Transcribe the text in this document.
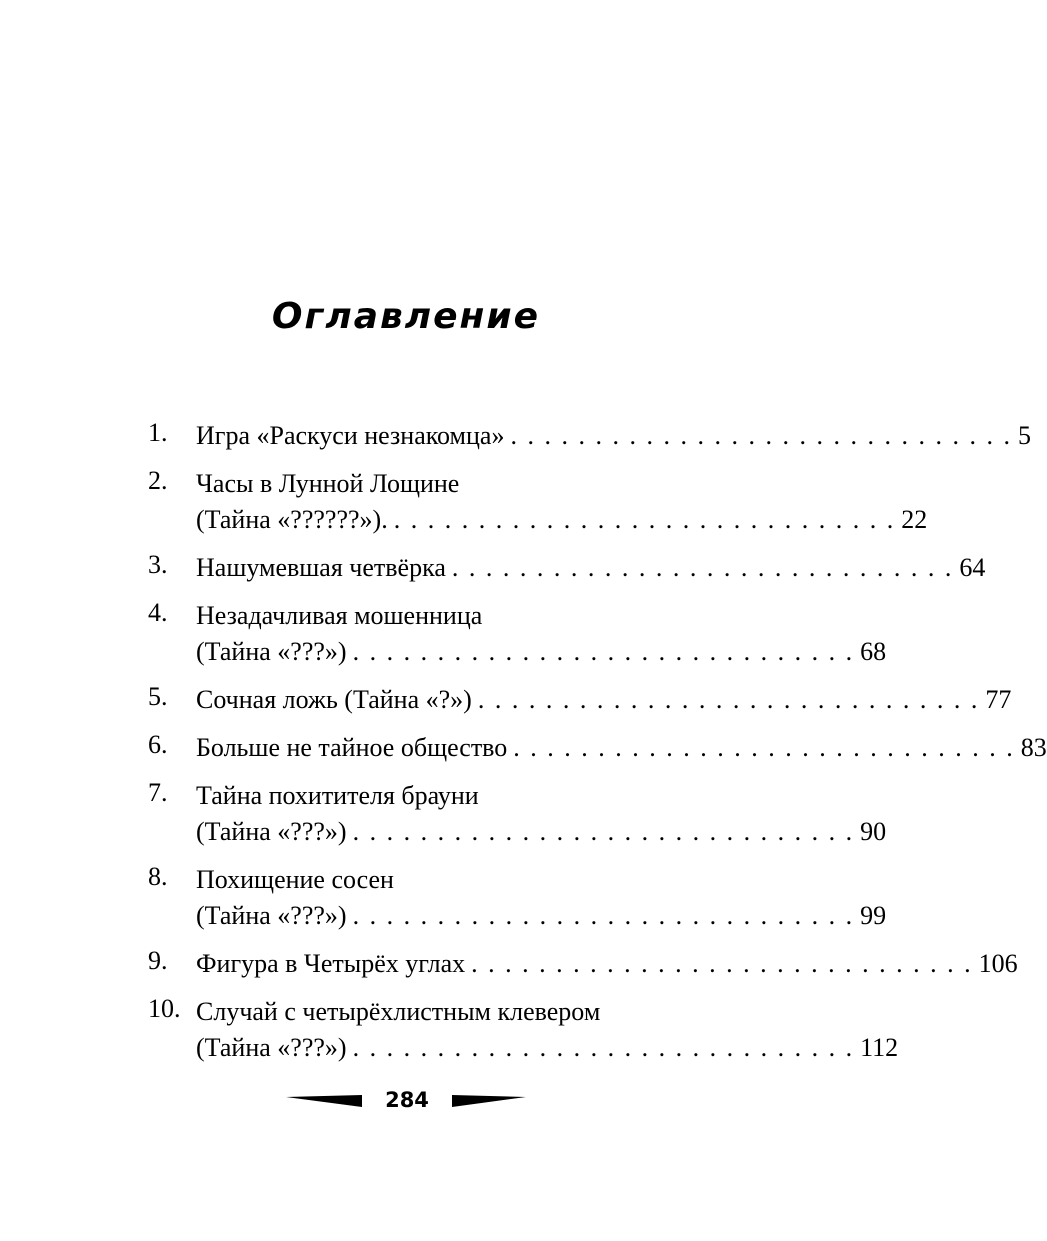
Оглавление
1.	Игра «Раскуси незнакомца» . . . . . . . . . . . . . . . . . . . . . . . . . . . . . . 5
2.	Часы в Лунной Лощине
(Тайна «??????»). . . . . . . . . . . . . . . . . . . . . . . . . . . . . . . 22
3.	Нашумевшая четвёрка . . . . . . . . . . . . . . . . . . . . . . . . . . . . . . 64
4.	Незадачливая мошенница
(Тайна «???») . . . . . . . . . . . . . . . . . . . . . . . . . . . . . . 68
5.	Сочная ложь (Тайна «?») . . . . . . . . . . . . . . . . . . . . . . . . . . . . . . 77
6.	Больше не тайное общество . . . . . . . . . . . . . . . . . . . . . . . . . . . . . . 83
7.	Тайна похитителя брауни
(Тайна «???») . . . . . . . . . . . . . . . . . . . . . . . . . . . . . . 90
8.	Похищение сосен
(Тайна «???») . . . . . . . . . . . . . . . . . . . . . . . . . . . . . . 99
9.	Фигура в Четырёх углах . . . . . . . . . . . . . . . . . . . . . . . . . . . . . . 106
10. Случай с четырёхлистным клевером
(Тайна «???») . . . . . . . . . . . . . . . . . . . . . . . . . . . . . . 112
284
